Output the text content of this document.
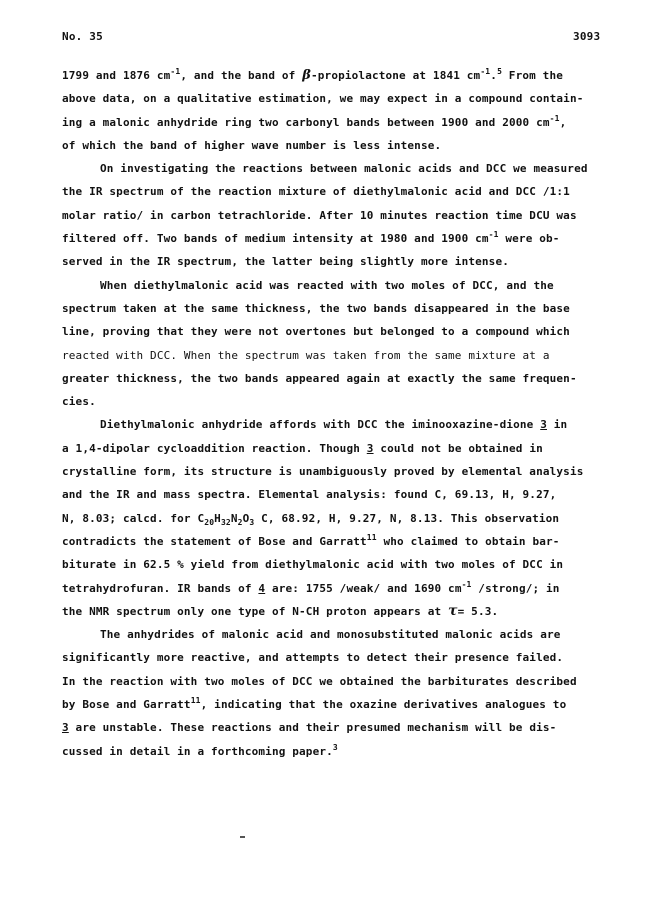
No. 35	3093
1799 and 1876 $cm^{-1}$, and the band of β-propiolactone at 1841 $cm^{-1}.^5$ From the
above data, on a qualitative estimation, we may expect in a compound contain-
ing a malonic anhydride ring two carbonyl bands between 1900 and 2000 $cm^{-1}$,
of which the band of higher wave number is less intense.
On investigating the reactions between malonic acids and DCC we measured
the IR spectrum of the reaction mixture of diethylmalonic acid and DCC /1:1
molar ratio/ in carbon tetrachloride. After 10 minutes reaction time DCU was
filtered off. Two bands of medium intensity at 1980 and 1900 $cm^{-1}$ were ob-
served in the IR spectrum, the latter being slightly more intense.
When diethylmalonic acid was reacted with two moles of DCC, and the
spectrum taken at the same thickness, the two bands disappeared in the base
line, proving that they were not overtones but belonged to a compound which
reacted with DCC. When the spectrum was taken from the same mixture at a
greater thickness, the two bands appeared again at exactly the same frequen-
cies.
Diethylmalonic anhydride affords with DCC the iminooxazine-dione 3 in
a 1,4-dipolar cycloaddition reaction. Though 3 could not be obtained in
crystalline form, its structure is unambiguously proved by elemental analysis
and the IR and mass spectra. Elemental analysis: found C, 69.13, H, 9.27,
N, 8.03; calcd. for $C_{20}H_{32}N_2O_3$ C, 68.92, H, 9.27, N, 8.13. This observation
contradicts the statement of Bose and Garratt$^{11}$ who claimed to obtain bar-
biturate in 62.5 % yield from diethylmalonic acid with two moles of DCC in
tetrahydrofuran. IR bands of 4 are: 1755 /weak/ and 1690 $cm^{-1}$ /strong/; in
the NMR spectrum only one type of N-CH proton appears at τ= 5.3.
The anhydrides of malonic acid and monosubstituted malonic acids are
significantly more reactive, and attempts to detect their presence failed.
In the reaction with two moles of DCC we obtained the barbiturates described
by Bose and Garratt$^{11}$, indicating that the oxazine derivatives analogues to
3 are unstable. These reactions and their presumed mechanism will be dis-
cussed in detail in a forthcoming paper.$^3$
